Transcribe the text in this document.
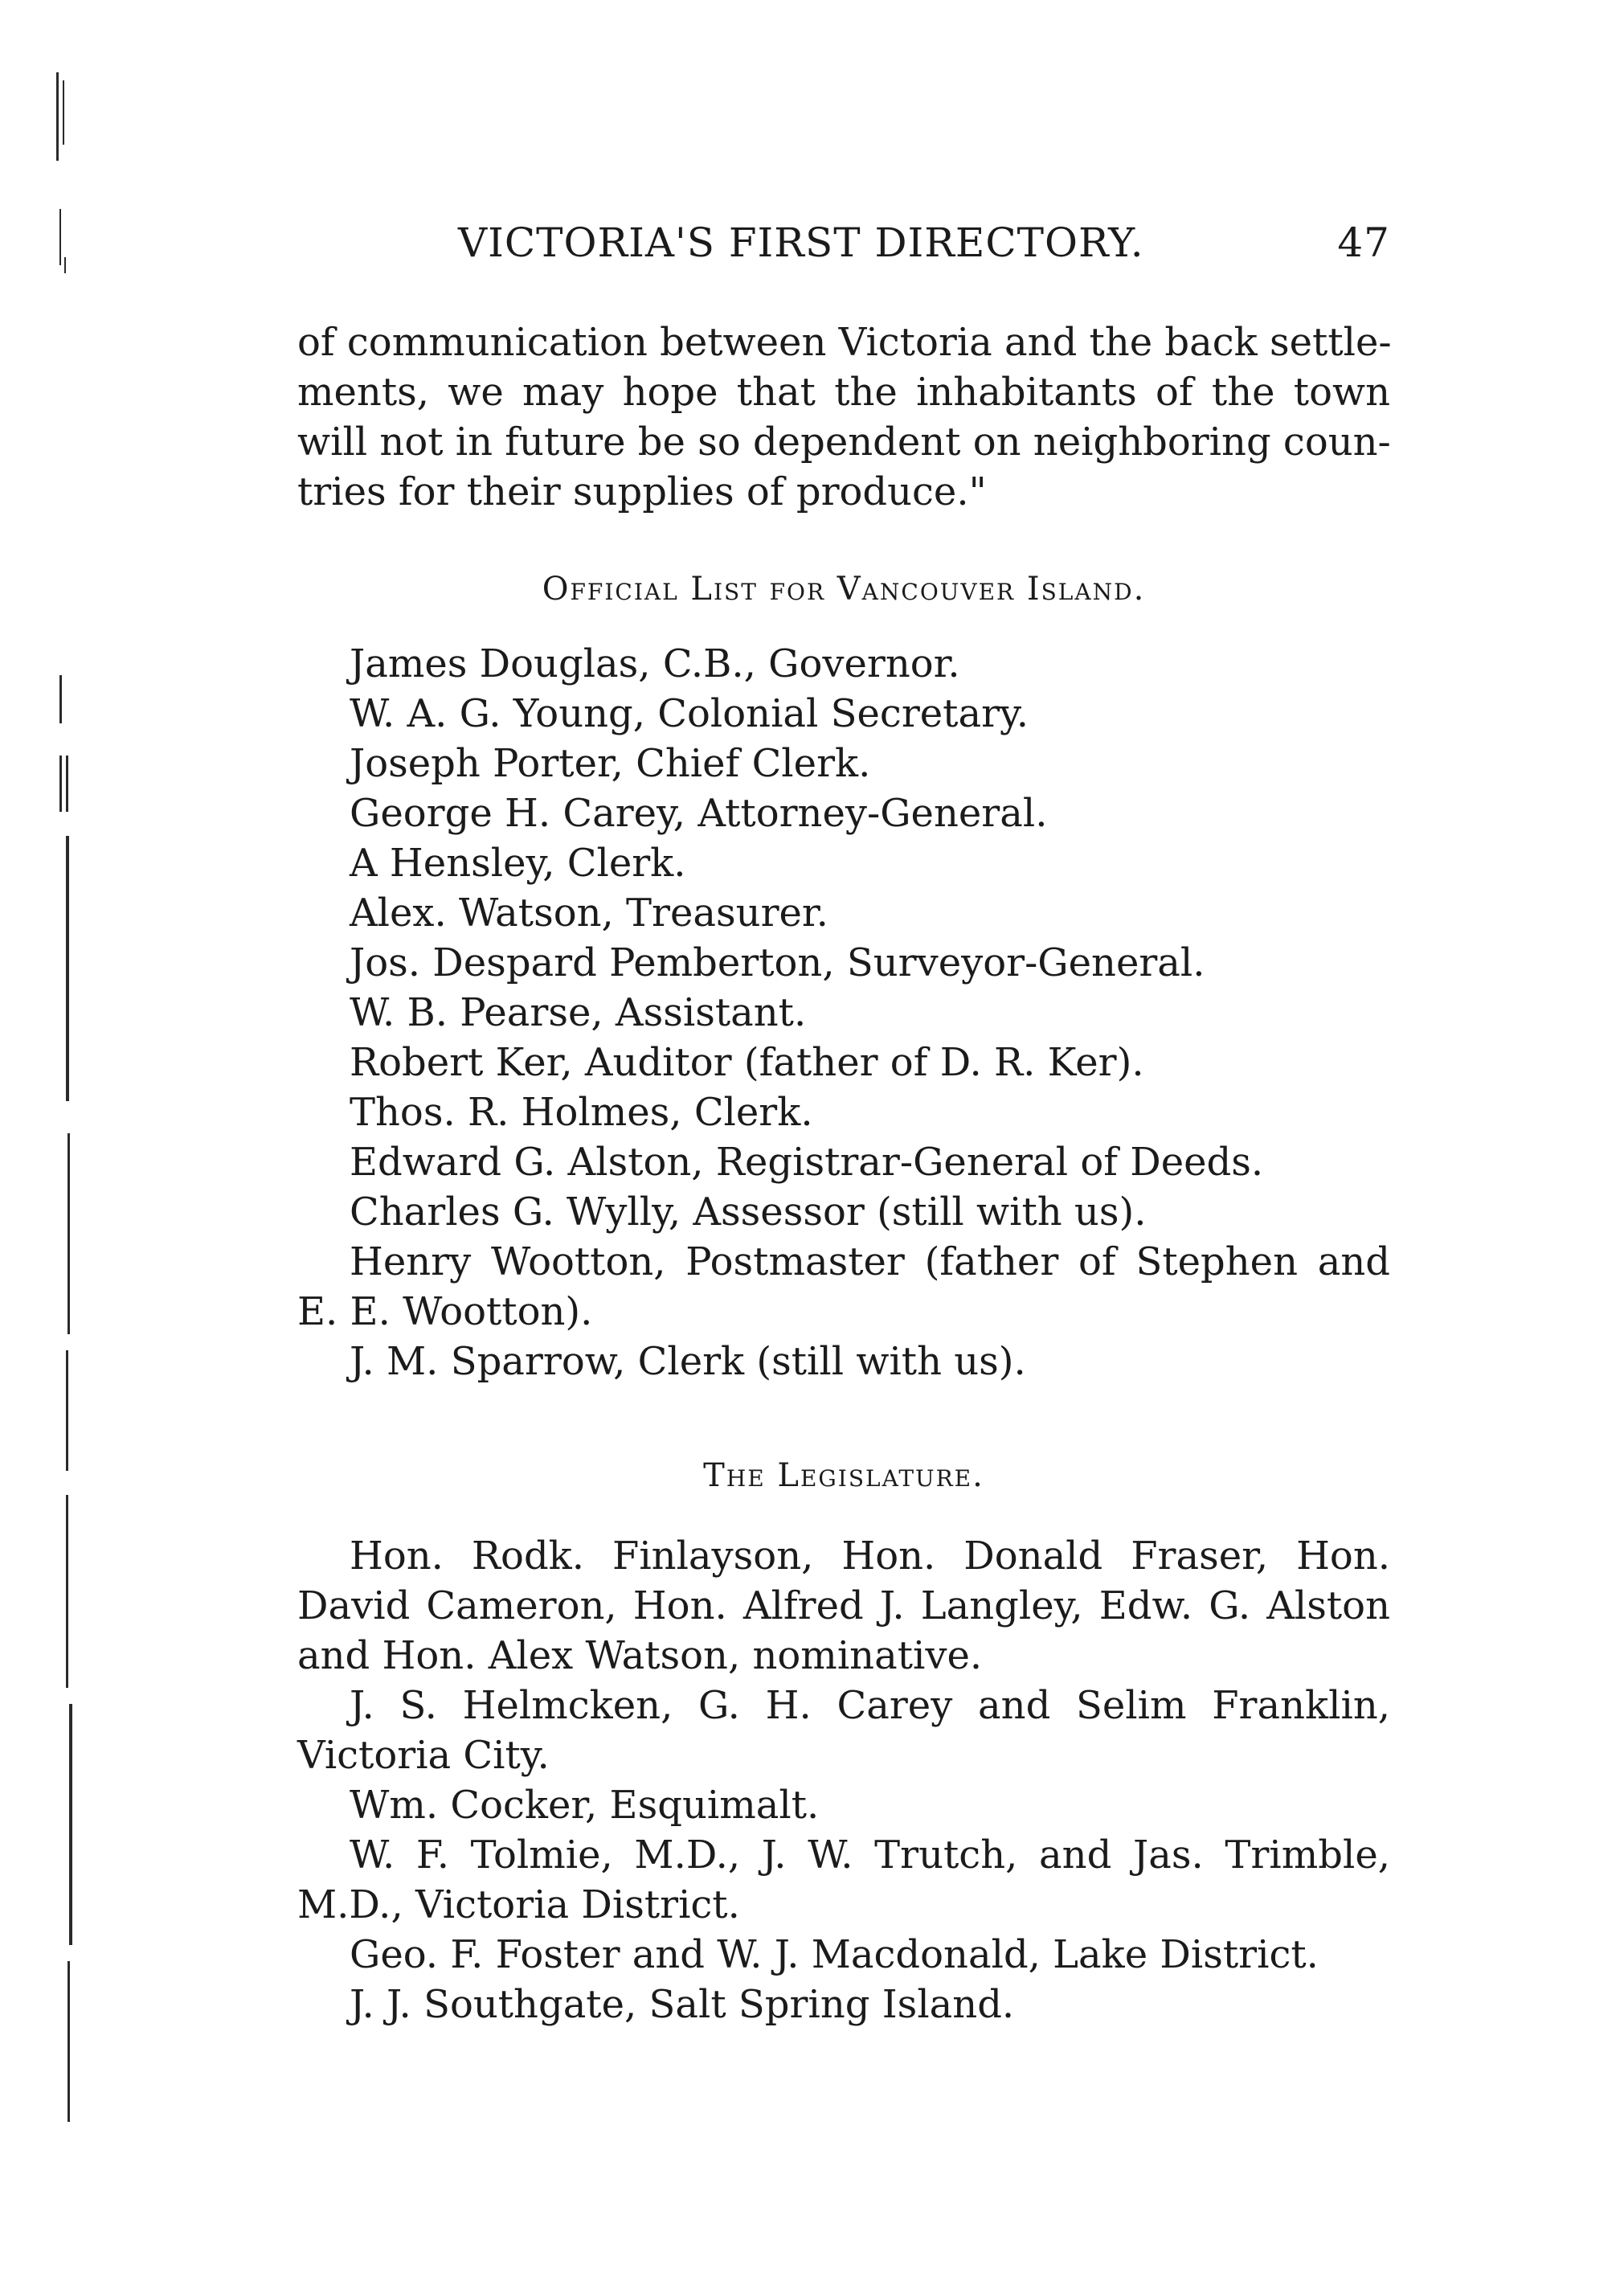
VICTORIA'S FIRST DIRECTORY.	47
of communication between Victoria and the back settle-
ments, we may hope that the inhabitants of the town
will not in future be so dependent on neighboring coun-
tries for their supplies of produce."
Official List for Vancouver Island.
James Douglas, C.B., Governor.
W. A. G. Young, Colonial Secretary.
Joseph Porter, Chief Clerk.
George H. Carey, Attorney-General.
A Hensley, Clerk.
Alex. Watson, Treasurer.
Jos. Despard Pemberton, Surveyor-General.
W. B. Pearse, Assistant.
Robert Ker, Auditor (father of D. R. Ker).
Thos. R. Holmes, Clerk.
Edward G. Alston, Registrar-General of Deeds.
Charles G. Wylly, Assessor (still with us).
Henry Wootton, Postmaster (father of Stephen and E. E. Wootton).
J. M. Sparrow, Clerk (still with us).
The Legislature.
Hon. Rodk. Finlayson, Hon. Donald Fraser, Hon. David Cameron, Hon. Alfred J. Langley, Edw. G. Alston and Hon. Alex Watson, nominative.
J. S. Helmcken, G. H. Carey and Selim Franklin, Victoria City.
Wm. Cocker, Esquimalt.
W. F. Tolmie, M.D., J. W. Trutch, and Jas. Trimble, M.D., Victoria District.
Geo. F. Foster and W. J. Macdonald, Lake District.
J. J. Southgate, Salt Spring Island.
